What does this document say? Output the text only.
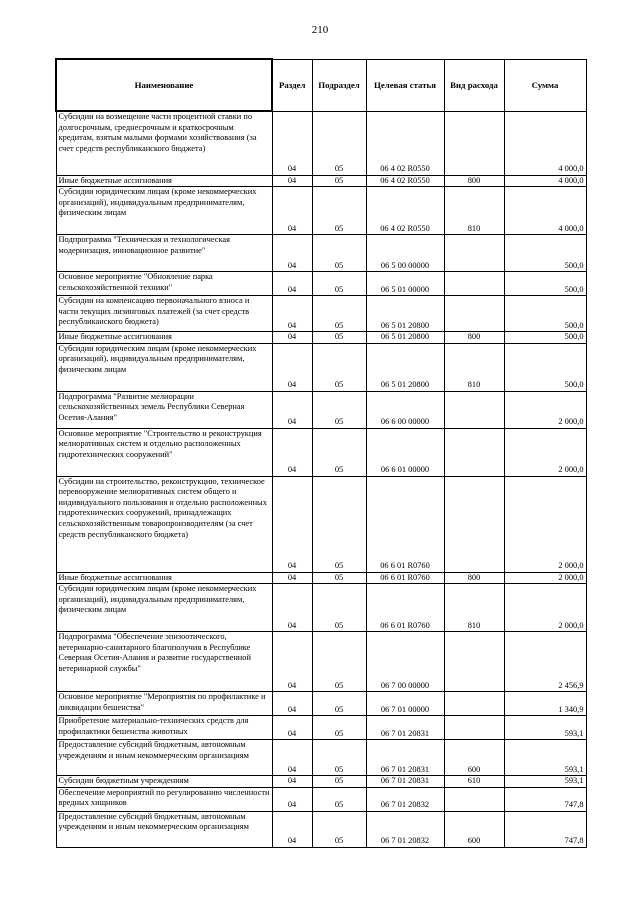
210
Наименование	Раздел	Подраздел	Целевая статья	Вид расхода	Сумма
Субсидии на возмещение части процентной ставки по долгосрочным, среднесрочным и краткосрочным кредитам, взятым малыми формами хозяйствования (за счет средств республиканского бюджета)	04	05	06 4 02 R0550		4 000,0
Иные бюджетные ассигнования	04	05	06 4 02 R0550	800	4 000,0
Субсидии юридическим лицам (кроме некоммерческих организаций), индивидуальным предпринимателям, физическим лицам	04	05	06 4 02 R0550	810	4 000,0
Подпрограмма "Техническая и технологическая модернизация, инновационное развитие"	04	05	06 5 00 00000		500,0
Основное мероприятие "Обновление парка сельскохозяйственной техники"	04	05	06 5 01 00000		500,0
Субсидии на компенсацию первоначального взноса и части текущих лизинговых платежей (за счет средств республиканского бюджета)	04	05	06 5 01 20800		500,0
Иные бюджетные ассигнования	04	05	06 5 01 20800	800	500,0
Субсидии юридическим лицам (кроме некоммерческих организаций), индивидуальным предпринимателям, физическим лицам	04	05	06 5 01 20800	810	500,0
Подпрограмма "Развитие мелиорации сельскохозяйственных земель Республики Северная Осетия-Алания"	04	05	06 6 00 00000		2 000,0
Основное мероприятие "Строительство и реконструкция мелиоративных систем и отдельно расположенных гидротехнических сооружений"	04	05	06 6 01 00000		2 000,0
Субсидии на строительство, реконструкцию, техническое перевооружение мелиоративных систем общего и индивидуального пользования и отдельно расположенных гидротехнических сооружений, принадлежащих сельскохозяйственным товаропроизводителям (за счет средств республиканского бюджета)	04	05	06 6 01 R0760		2 000,0
Иные бюджетные ассигнования	04	05	06 6 01 R0760	800	2 000,0
Субсидии юридическим лицам (кроме некоммерческих организаций), индивидуальным предпринимателям, физическим лицам	04	05	06 6 01 R0760	810	2 000,0
Подпрограмма "Обеспечение эпизоотического, ветеринарно-санитарного благополучия в Республике Северная Осетия-Алания и развитие государственной ветеринарной службы"	04	05	06 7 00 00000		2 456,9
Основное мероприятие "Мероприятия по профилактике и ликвидации бешенства"	04	05	06 7 01 00000		1 340,9
Приобретение материально-технических средств для профилактики бешенства животных	04	05	06 7 01 20831		593,1
Предоставление субсидий бюджетным, автономным учреждениям и иным некоммерческим организациям	04	05	06 7 01 20831	600	593,1
Субсидии бюджетным учреждениям	04	05	06 7 01 20831	610	593,1
Обеспечение мероприятий по регулированию численности вредных хищников	04	05	06 7 01 20832		747,8
Предоставление субсидий бюджетным, автономным учреждениям и иным некоммерческим организациям	04	05	06 7 01 20832	600	747,8
